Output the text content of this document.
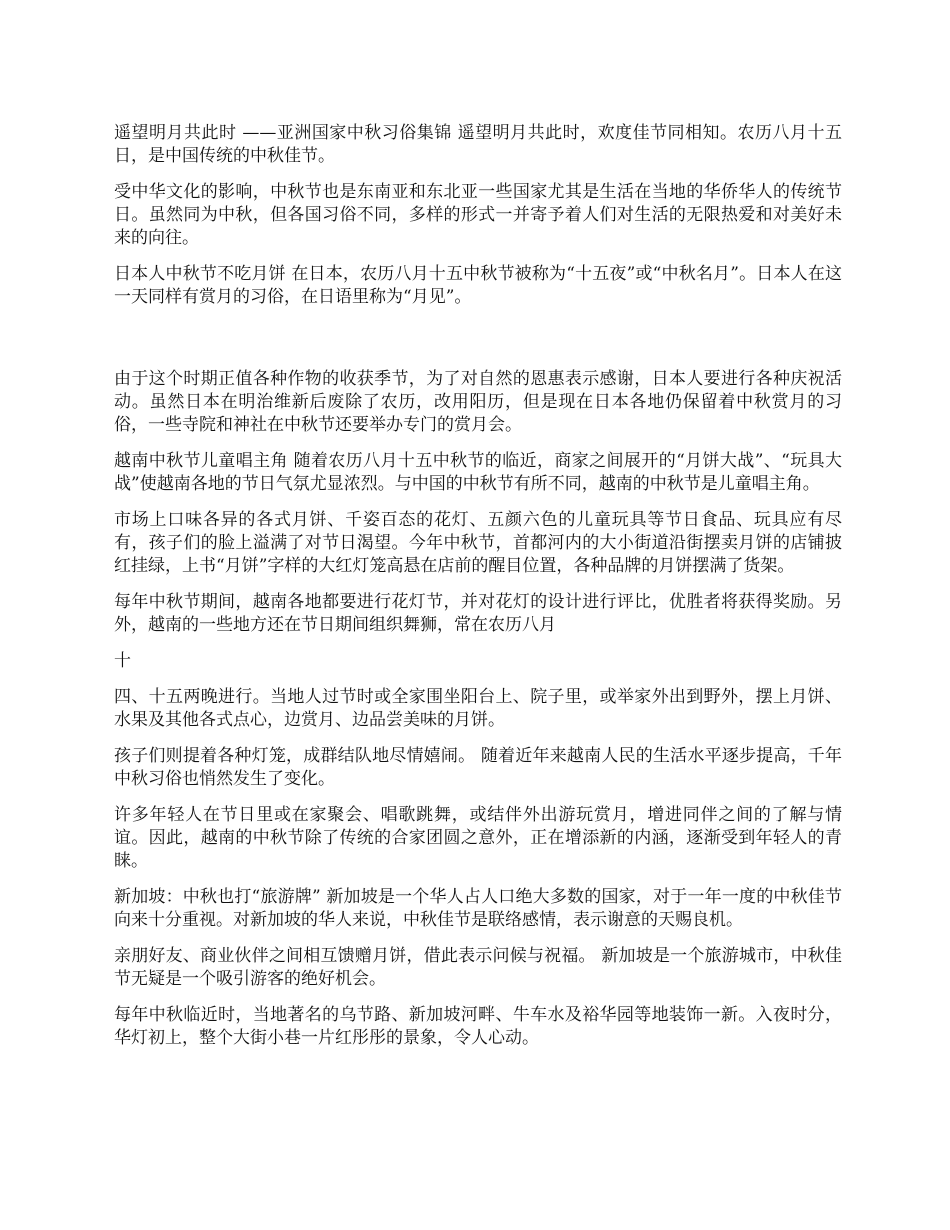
遥望明月共此时 ——亚洲国家中秋习俗集锦 遥望明月共此时，欢度佳节同相知。农历八月十五日，是中国传统的中秋佳节。

受中华文化的影响，中秋节也是东南亚和东北亚一些国家尤其是生活在当地的华侨华人的传统节日。虽然同为中秋，但各国习俗不同，多样的形式一并寄予着人们对生活的无限热爱和对美好未来的向往。

日本人中秋节不吃月饼 在日本，农历八月十五中秋节被称为“十五夜”或“中秋名月”。日本人在这一天同样有赏月的习俗，在日语里称为“月见”。

由于这个时期正值各种作物的收获季节，为了对自然的恩惠表示感谢，日本人要进行各种庆祝活动。虽然日本在明治维新后废除了农历，改用阳历，但是现在日本各地仍保留着中秋赏月的习俗，一些寺院和神社在中秋节还要举办专门的赏月会。

越南中秋节儿童唱主角 随着农历八月十五中秋节的临近，商家之间展开的“月饼大战”、“玩具大战”使越南各地的节日气氛尤显浓烈。与中国的中秋节有所不同，越南的中秋节是儿童唱主角。

市场上口味各异的各式月饼、千姿百态的花灯、五颜六色的儿童玩具等节日食品、玩具应有尽有，孩子们的脸上溢满了对节日渴望。今年中秋节，首都河内的大小街道沿街摆卖月饼的店铺披红挂绿，上书“月饼”字样的大红灯笼高悬在店前的醒目位置，各种品牌的月饼摆满了货架。

每年中秋节期间，越南各地都要进行花灯节，并对花灯的设计进行评比，优胜者将获得奖励。另外，越南的一些地方还在节日期间组织舞狮，常在农历八月

十

四、十五两晚进行。当地人过节时或全家围坐阳台上、院子里，或举家外出到野外，摆上月饼、水果及其他各式点心，边赏月、边品尝美味的月饼。

孩子们则提着各种灯笼，成群结队地尽情嬉闹。 随着近年来越南人民的生活水平逐步提高，千年中秋习俗也悄然发生了变化。

许多年轻人在节日里或在家聚会、唱歌跳舞，或结伴外出游玩赏月，增进同伴之间的了解与情谊。因此，越南的中秋节除了传统的合家团圆之意外，正在增添新的内涵，逐渐受到年轻人的青睐。

新加坡：中秋也打“旅游牌” 新加坡是一个华人占人口绝大多数的国家，对于一年一度的中秋佳节向来十分重视。对新加坡的华人来说，中秋佳节是联络感情，表示谢意的天赐良机。

亲朋好友、商业伙伴之间相互馈赠月饼，借此表示问候与祝福。 新加坡是一个旅游城市，中秋佳节无疑是一个吸引游客的绝好机会。

每年中秋临近时，当地著名的乌节路、新加坡河畔、牛车水及裕华园等地装饰一新。入夜时分，华灯初上，整个大街小巷一片红彤彤的景象，令人心动。
